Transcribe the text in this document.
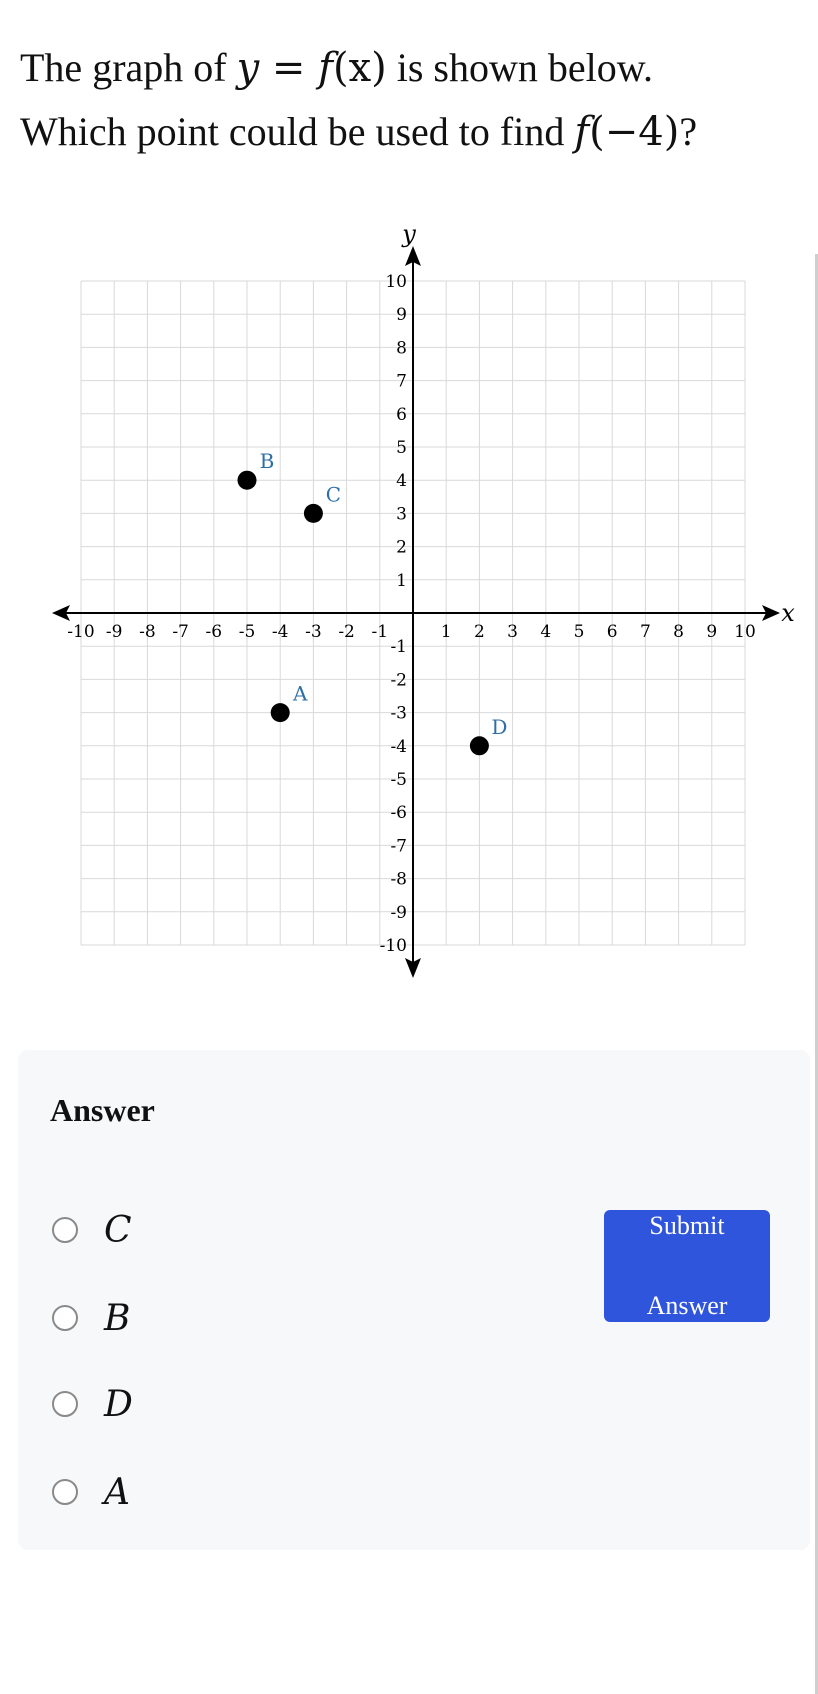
The graph of y = f(x) is shown below.
Which point could be used to find f(−4)?
x
y
-10 -9 -8 -7 -6 -5 -4 -3 -2 -1	1 2 3 4 5 6 7 8 9 10
10
9
8
7
6
5
4
3
2
1
-1
-2
-3
-4
-5
-6
-7
-8
-9
-10
B
C
A
D
Answer
C
B
D
A
Submit

Answer
